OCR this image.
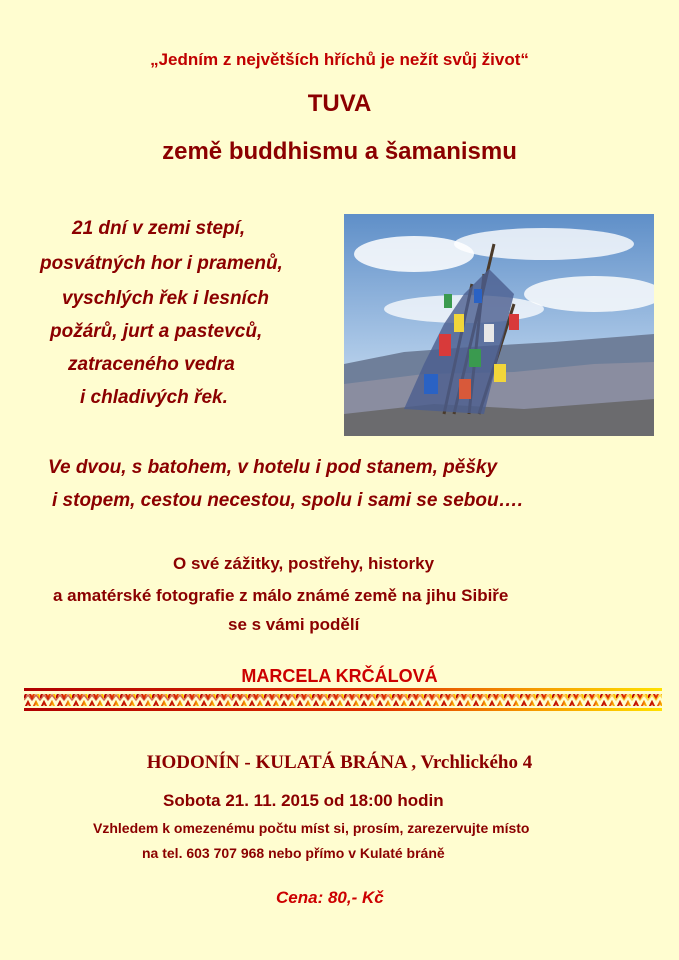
„Jedním z největších hříchů je nežít svůj život“
TUVA
země buddhismu a šamanismu
21 dní v zemi stepí,
posvátných hor i pramenů,
vyschlých řek i lesních
požárů, jurt a pastevců,
zatraceného vedra
i chladivých řek.
Ve dvou, s batohem, v hotelu i pod stanem, pěšky
i stopem, cestou necestou, spolu i sami se sebou….
O své zážitky, postřehy, historky
a amatérské fotografie z málo známé země na jihu Sibiře
se s vámi podělí
MARCELA KRČÁLOVÁ
HODONÍN - KULATÁ BRÁNA , Vrchlického 4
Sobota 21. 11. 2015 od 18:00 hodin
Vzhledem k omezenému počtu míst si, prosím, zarezervujte místo
na tel. 603 707 968 nebo přímo v Kulaté bráně
Cena: 80,- Kč
